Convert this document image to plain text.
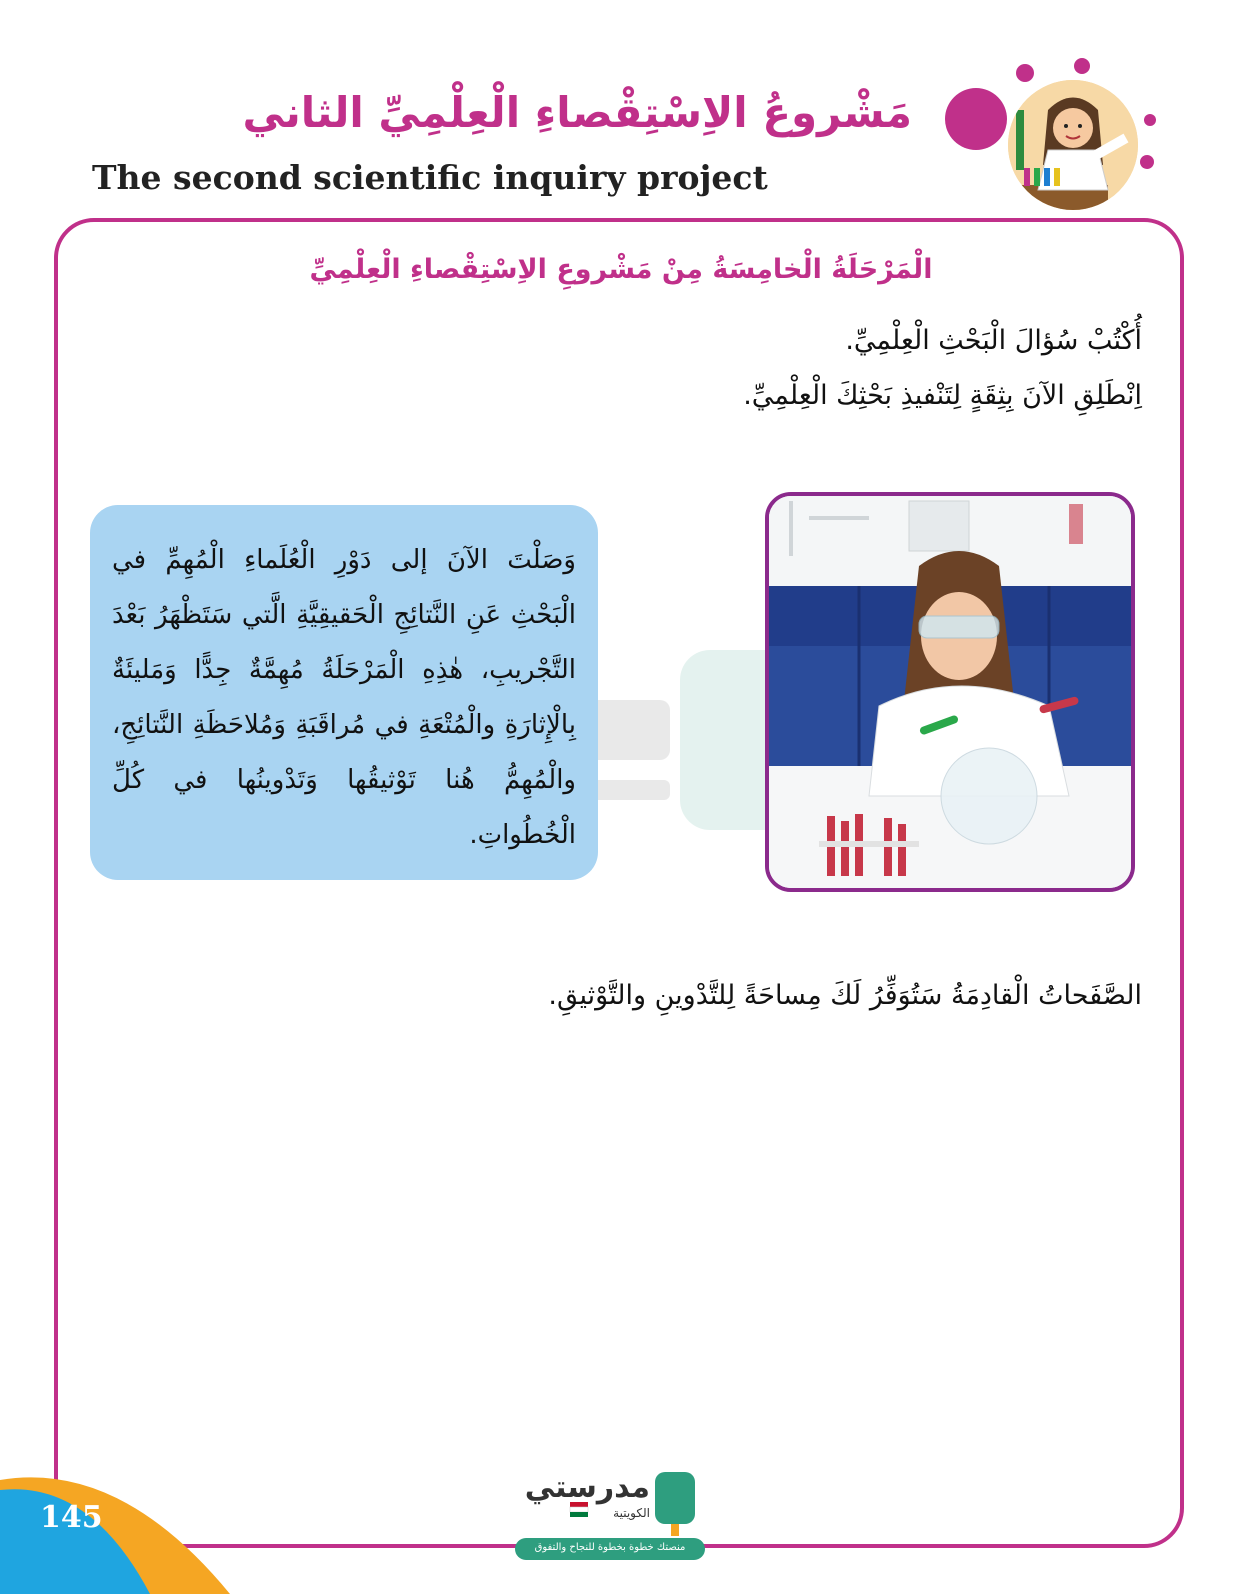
مَشْروعُ الاِسْتِقْصاءِ الْعِلْمِيِّ الثاني
The second scientific inquiry project
الْمَرْحَلَةُ الْخامِسَةُ مِنْ مَشْروعِ الاِسْتِقْصاءِ الْعِلْمِيِّ
أُكْتُبْ سُؤالَ الْبَحْثِ الْعِلْمِيِّ.
اِنْطَلِقِ الآنَ بِثِقَةٍ لِتَنْفيذِ بَحْثِكَ الْعِلْمِيِّ.
وَصَلْتَ الآنَ إلى دَوْرِ الْعُلَماءِ الْمُهِمِّ في الْبَحْثِ عَنِ النَّتائِجِ الْحَقيقِيَّةِ الَّتي سَتَظْهَرُ بَعْدَ التَّجْريبِ، هٰذِهِ الْمَرْحَلَةُ مُهِمَّةٌ جِدًّا وَمَليئَةٌ بِالْإِثارَةِ والْمُتْعَةِ في مُراقَبَةِ وَمُلاحَظَةِ النَّتائِجِ، والْمُهِمُّ هُنا تَوْثيقُها وَتَدْوينُها في كُلِّ الْخُطُواتِ.
الصَّفَحاتُ الْقادِمَةُ سَتُوَفِّرُ لَكَ مِساحَةً لِلتَّدْوينِ والتَّوْثيقِ.
145
مدرستي
الكويتية
منصتك خطوة بخطوة للنجاح والتفوق
